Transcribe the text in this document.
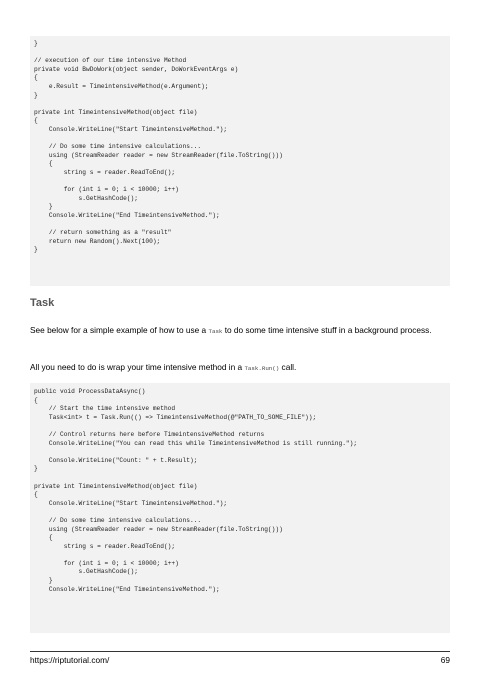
}
// execution of our time intensive Method
private void BwDoWork(object sender, DoWorkEventArgs e)
{
e.Result = TimeintensiveMethod(e.Argument);
}
private int TimeintensiveMethod(object file)
{
Console.WriteLine("Start TimeintensiveMethod.");
// Do some time intensive calculations...
using (StreamReader reader = new StreamReader(file.ToString()))
{
string s = reader.ReadToEnd();
for (int i = 0; i < 10000; i++)
s.GetHashCode();
}
Console.WriteLine("End TimeintensiveMethod.");
// return something as a "result"
return new Random().Next(100);
}
Task
See below for a simple example of how to use a Task to do some time intensive stuff in a background process.
All you need to do is wrap your time intensive method in a Task.Run() call.
public void ProcessDataAsync()
{
// Start the time intensive method
Task<int> t = Task.Run(() => TimeintensiveMethod(@"PATH_TO_SOME_FILE"));
// Control returns here before TimeintensiveMethod returns
Console.WriteLine("You can read this while TimeintensiveMethod is still running.");
Console.WriteLine("Count: " + t.Result);
}
private int TimeintensiveMethod(object file)
{
Console.WriteLine("Start TimeintensiveMethod.");
// Do some time intensive calculations...
using (StreamReader reader = new StreamReader(file.ToString()))
{
string s = reader.ReadToEnd();
for (int i = 0; i < 10000; i++)
s.GetHashCode();
}
Console.WriteLine("End TimeintensiveMethod.");
https://riptutorial.com/	69
